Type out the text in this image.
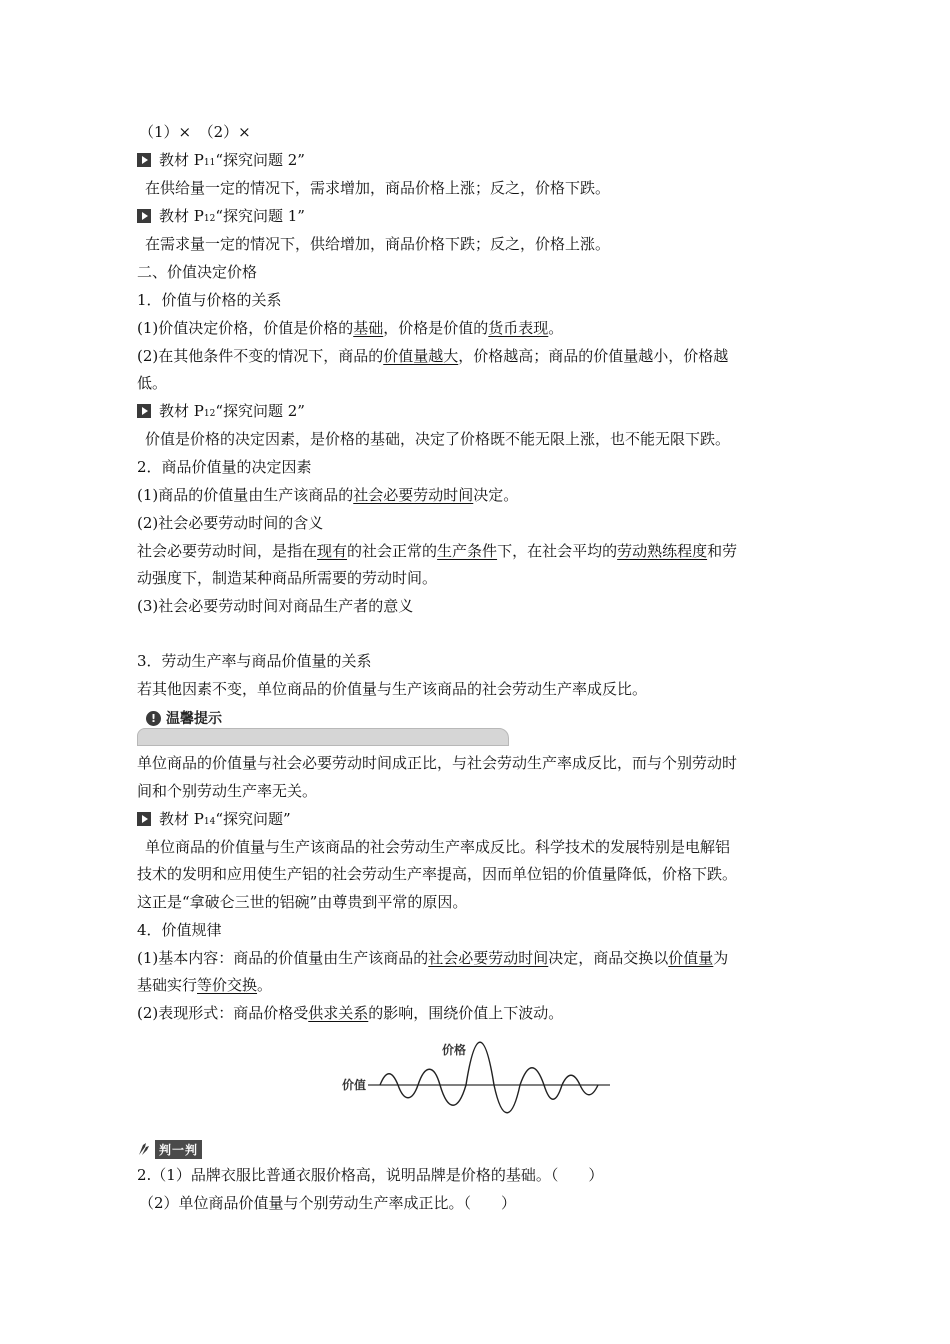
（1）×　（2）×
教材 P11“探究问题 2”
在供给量一定的情况下，需求增加，商品价格上涨；反之，价格下跌。
教材 P12“探究问题 1”
在需求量一定的情况下，供给增加，商品价格下跌；反之，价格上涨。
二、价值决定价格
1．价值与价格的关系
(1)价值决定价格，价值是价格的基础，价格是价值的货币表现。
(2)在其他条件不变的情况下，商品的价值量越大，价格越高；商品的价值量越小，价格越
低。
教材 P12“探究问题 2”
价值是价格的决定因素，是价格的基础，决定了价格既不能无限上涨，也不能无限下跌。
2．商品价值量的决定因素
(1)商品的价值量由生产该商品的社会必要劳动时间决定。
(2)社会必要劳动时间的含义
社会必要劳动时间，是指在现有的社会正常的生产条件下，在社会平均的劳动熟练程度和劳
动强度下，制造某种商品所需要的劳动时间。
(3)社会必要劳动时间对商品生产者的意义
3．劳动生产率与商品价值量的关系
若其他因素不变，单位商品的价值量与生产该商品的社会劳动生产率成反比。
! 温馨提示
单位商品的价值量与社会必要劳动时间成正比，与社会劳动生产率成反比，而与个别劳动时
间和个别劳动生产率无关。
教材 P14“探究问题”
单位商品的价值量与生产该商品的社会劳动生产率成反比。科学技术的发展特别是电解铝
技术的发明和应用使生产铝的社会劳动生产率提高，因而单位铝的价值量降低，价格下跌。
这正是“拿破仑三世的铝碗”由尊贵到平常的原因。
4．价值规律
(1)基本内容：商品的价值量由生产该商品的社会必要劳动时间决定，商品交换以价值量为
基础实行等价交换。
(2)表现形式：商品价格受供求关系的影响，围绕价值上下波动。
价格
价值
判一判
2.（1）品牌衣服比普通衣服价格高，说明品牌是价格的基础。（　　）
（2）单位商品价值量与个别劳动生产率成正比。（　　）
